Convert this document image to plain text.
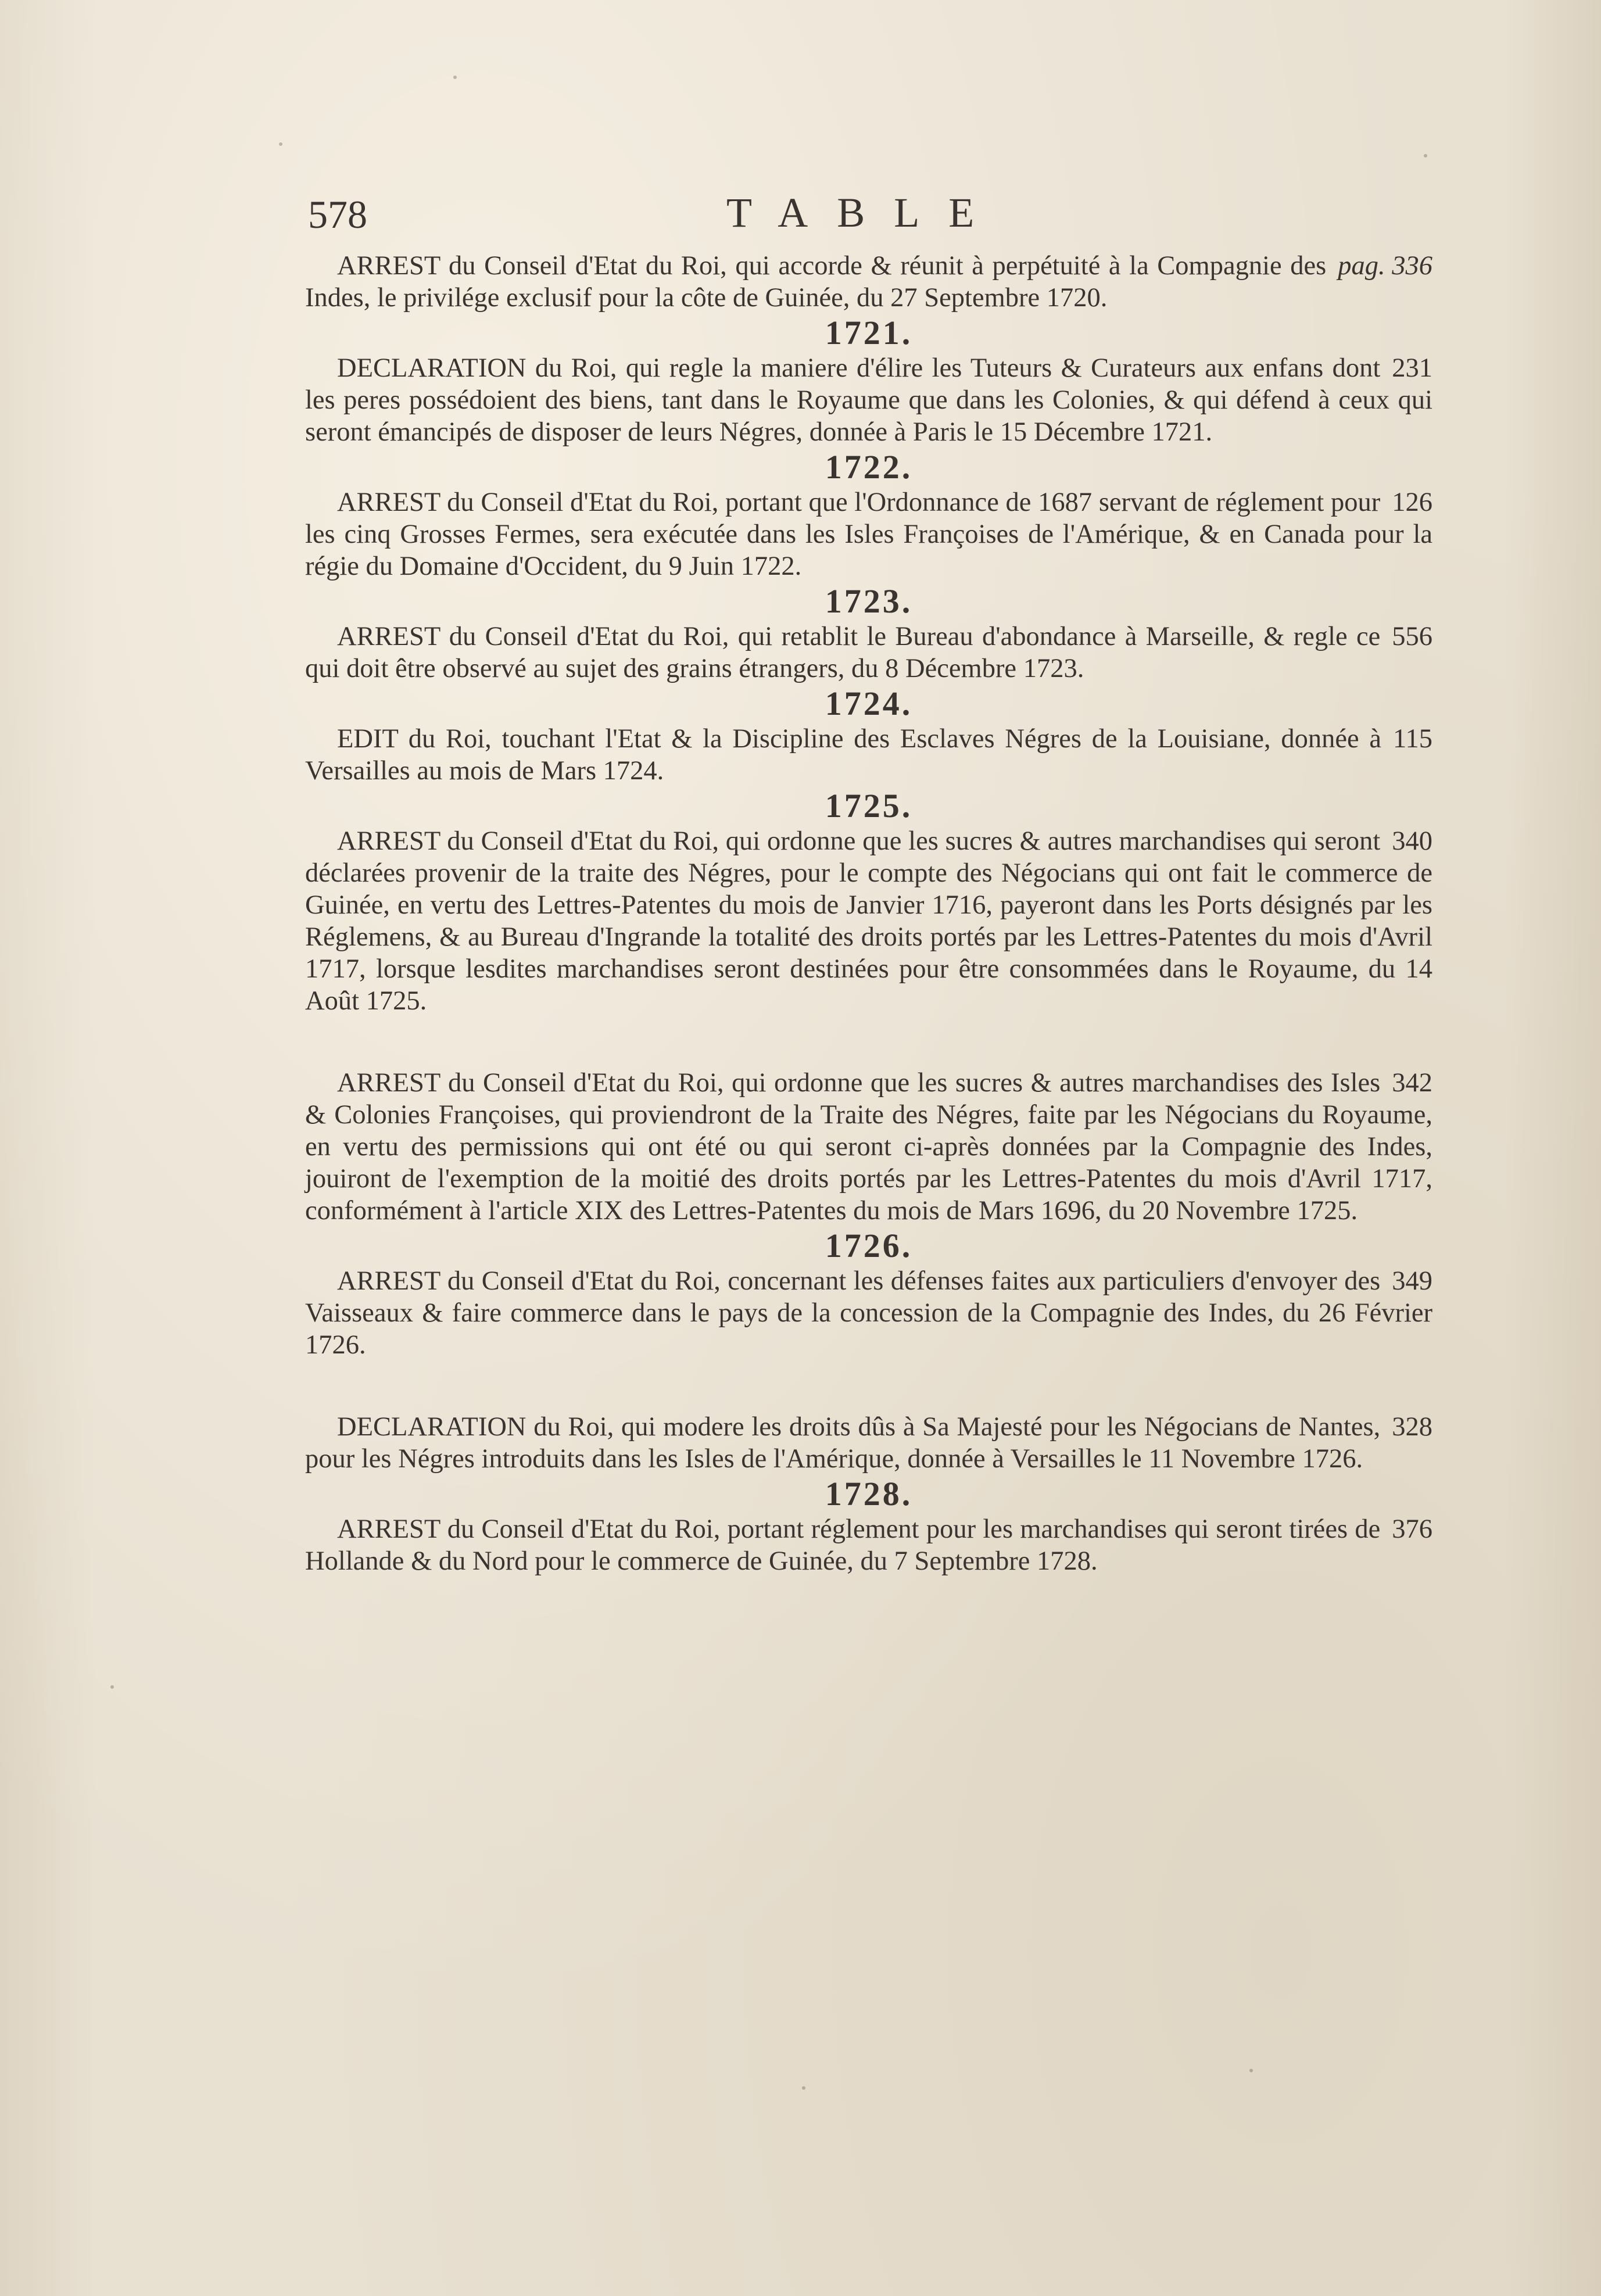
578	TABLE

pag. 336
ARREST du Conseil d'Etat du Roi, qui accorde & réunit à perpétuité à la Compagnie des Indes, le privilége exclusif pour la côte de Guinée, du 27 Septembre 1720.

1721.

231
DECLARATION du Roi, qui regle la maniere d'élire les Tuteurs & Curateurs aux enfans dont les peres possédoient des biens, tant dans le Royaume que dans les Colonies, & qui défend à ceux qui seront émancipés de disposer de leurs Négres, donnée à Paris le 15 Décembre 1721.

1722.

126
ARREST du Conseil d'Etat du Roi, portant que l'Ordonnance de 1687 servant de réglement pour les cinq Grosses Fermes, sera exécutée dans les Isles Françoises de l'Amérique, & en Canada pour la régie du Domaine d'Occident, du 9 Juin 1722.

1723.

556
ARREST du Conseil d'Etat du Roi, qui retablit le Bureau d'abondance à Marseille, & regle ce qui doit être observé au sujet des grains étrangers, du 8 Décembre 1723.

1724.

115
EDIT du Roi, touchant l'Etat & la Discipline des Esclaves Négres de la Louisiane, donnée à Versailles au mois de Mars 1724.

1725.

340
ARREST du Conseil d'Etat du Roi, qui ordonne que les sucres & autres marchandises qui seront déclarées provenir de la traite des Négres, pour le compte des Négocians qui ont fait le commerce de Guinée, en vertu des Lettres-Patentes du mois de Janvier 1716, payeront dans les Ports désignés par les Réglemens, & au Bureau d'Ingrande la totalité des droits portés par les Lettres-Patentes du mois d'Avril 1717, lorsque lesdites marchandises seront destinées pour être consommées dans le Royaume, du 14 Août 1725.

342
ARREST du Conseil d'Etat du Roi, qui ordonne que les sucres & autres marchandises des Isles & Colonies Françoises, qui proviendront de la Traite des Négres, faite par les Négocians du Royaume, en vertu des permissions qui ont été ou qui seront ci-après données par la Compagnie des Indes, jouiront de l'exemption de la moitié des droits portés par les Lettres-Patentes du mois d'Avril 1717, conformément à l'article XIX des Lettres-Patentes du mois de Mars 1696, du 20 Novembre 1725.

1726.

349
ARREST du Conseil d'Etat du Roi, concernant les défenses faites aux particuliers d'envoyer des Vaisseaux & faire commerce dans le pays de la concession de la Compagnie des Indes, du 26 Février 1726.

328
DECLARATION du Roi, qui modere les droits dûs à Sa Majesté pour les Négocians de Nantes, pour les Négres introduits dans les Isles de l'Amérique, donnée à Versailles le 11 Novembre 1726.

1728.

376
ARREST du Conseil d'Etat du Roi, portant réglement pour les marchandises qui seront tirées de Hollande & du Nord pour le commerce de Guinée, du 7 Septembre 1728.
